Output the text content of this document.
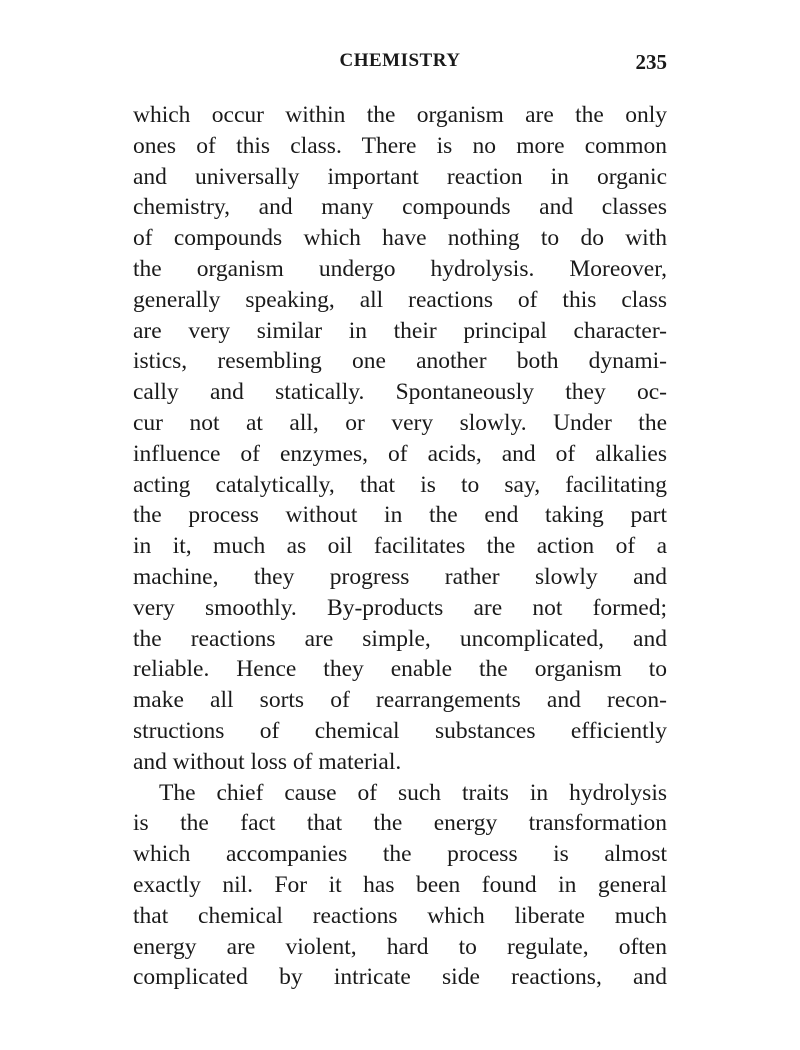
CHEMISTRY	235
which occur within the organism are the only
ones of this class. There is no more common
and universally important reaction in organic
chemistry, and many compounds and classes
of compounds which have nothing to do with
the organism undergo hydrolysis. Moreover,
generally speaking, all reactions of this class
are very similar in their principal character-
istics, resembling one another both dynami-
cally and statically. Spontaneously they oc-
cur not at all, or very slowly. Under the
influence of enzymes, of acids, and of alkalies
acting catalytically, that is to say, facilitating
the process without in the end taking part
in it, much as oil facilitates the action of a
machine, they progress rather slowly and
very smoothly. By-products are not formed;
the reactions are simple, uncomplicated, and
reliable. Hence they enable the organism to
make all sorts of rearrangements and recon-
structions of chemical substances efficiently
and without loss of material.
The chief cause of such traits in hydrolysis
is the fact that the energy transformation
which accompanies the process is almost
exactly nil. For it has been found in general
that chemical reactions which liberate much
energy are violent, hard to regulate, often
complicated by intricate side reactions, and
